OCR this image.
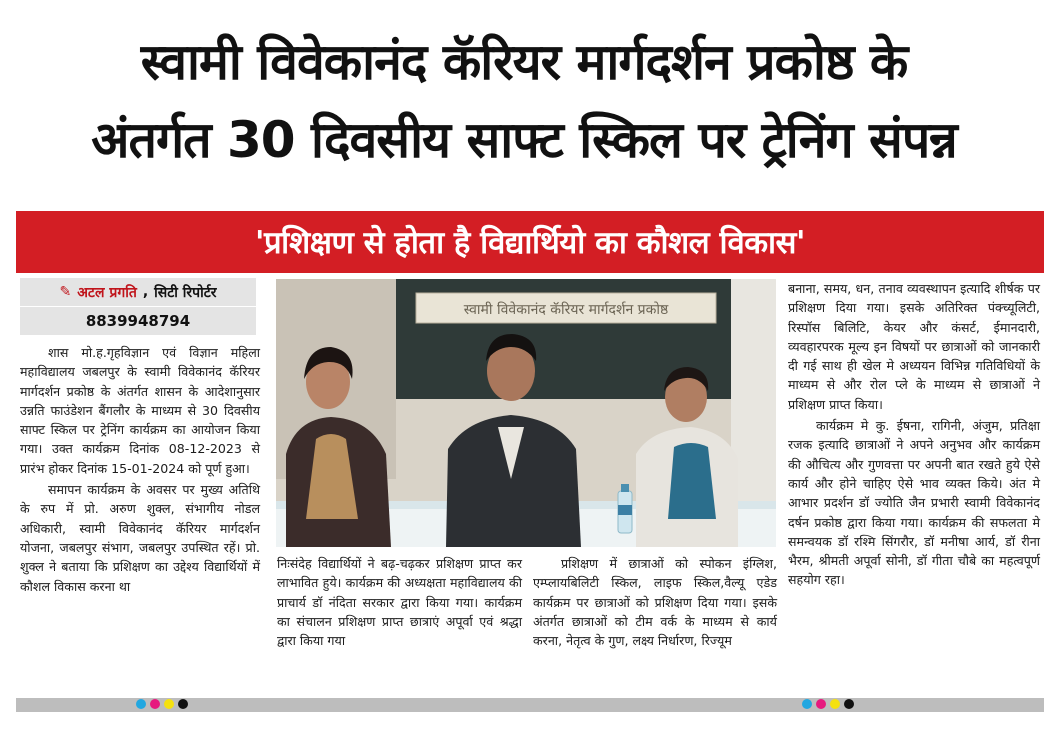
स्वामी विवेकानंद कॅरियर मार्गदर्शन प्रकोष्ठ के
अंतर्गत 30 दिवसीय साफ्ट स्किल पर ट्रेनिंग संपन्न
'प्रशिक्षण से होता है विद्यार्थियो का कौशल विकास'
✎ अटल प्रगति , सिटी रिपोर्टर
8839948794

शास मो.ह.गृहविज्ञान एवं विज्ञान महिला महाविद्यालय जबलपुर के स्वामी विवेकानंद कॅरियर मार्गदर्शन प्रकोष्ठ के अंतर्गत शासन के आदेशानुसार उन्नति फाउंडेशन बैंगलौर के माध्यम से 30 दिवसीय साफ्ट स्किल पर ट्रेनिंग कार्यक्रम का आयोजन किया गया। उक्त कार्यक्रम दिनांक 08-12-2023 से प्रारंभ होकर दिनांक 15-01-2024 को पूर्ण हुआ।

समापन कार्यक्रम के अवसर पर मुख्य अतिथि के रुप में प्रो. अरुण शुक्ल, संभागीय नोडल अधिकारी, स्वामी विवेकानंद कॅरियर मार्गदर्शन योजना, जबलपुर संभाग, जबलपुर उपस्थित रहें। प्रो. शुक्ल ने बताया कि प्रशिक्षण का उद्देश्य विद्यार्थियों में कौशल विकास करना था

स्वामी विवेकानंद कॅरियर मार्गदर्शन प्रकोष्ठ

निःसंदेह विद्यार्थियों ने बढ़-चढ़कर प्रशिक्षण प्राप्त कर लाभावित हुये। कार्यक्रम की अध्यक्षता महाविद्यालय की प्राचार्य डॉ नंदिता सरकार द्वारा किया गया। कार्यक्रम का संचालन प्रशिक्षण प्राप्त छात्राएं अपूर्वा एवं श्रद्धा द्वारा किया गया

प्रशिक्षण में छात्राओं को स्पोकन इंग्लिश, एम्प्लायबिलिटी स्किल, लाइफ स्किल,वैल्यू एडेड कार्यक्रम पर छात्राओं को प्रशिक्षण दिया गया। इसके अंतर्गत छात्राओं को टीम वर्क के माध्यम से कार्य करना, नेतृत्व के गुण, लक्ष्य निर्धारण, रिज्यूम

बनाना, समय, धन, तनाव व्यवस्थापन इत्यादि शीर्षक पर प्रशिक्षण दिया गया। इसके अतिरिक्त पंक्च्यूलिटी, रिस्पॉस बिलिटि, केयर और कंसर्ट, ईमानदारी, व्यवहारपरक मूल्य इन विषयों पर छात्राओं को जानकारी दी गई साथ ही खेल मे अध्ययन विभिन्न गतिविधियों के माध्यम से और रोल प्ले के माध्यम से छात्राओं ने प्रशिक्षण प्राप्त किया।

कार्यक्रम मे कु. ईषना, रागिनी, अंजुम, प्रतिक्षा रजक इत्यादि छात्राओं ने अपने अनुभव और कार्यक्रम की औचित्य और गुणवत्ता पर अपनी बात रखते हुये ऐसे कार्य और होने चाहिए ऐसे भाव व्यक्त किये। अंत मे आभार प्रदर्शन डॉ ज्योति जैन प्रभारी स्वामी विवेकानंद दर्षन प्रकोष्ठ द्वारा किया गया। कार्यक्रम की सफलता मे समन्वयक डॉ रश्मि सिंगरौर, डॉ मनीषा आर्य, डॉ रीना भैरम, श्रीमती अपूर्वा सोनी, डॉ गीता चौबे का महत्वपूर्ण सहयोग रहा।
